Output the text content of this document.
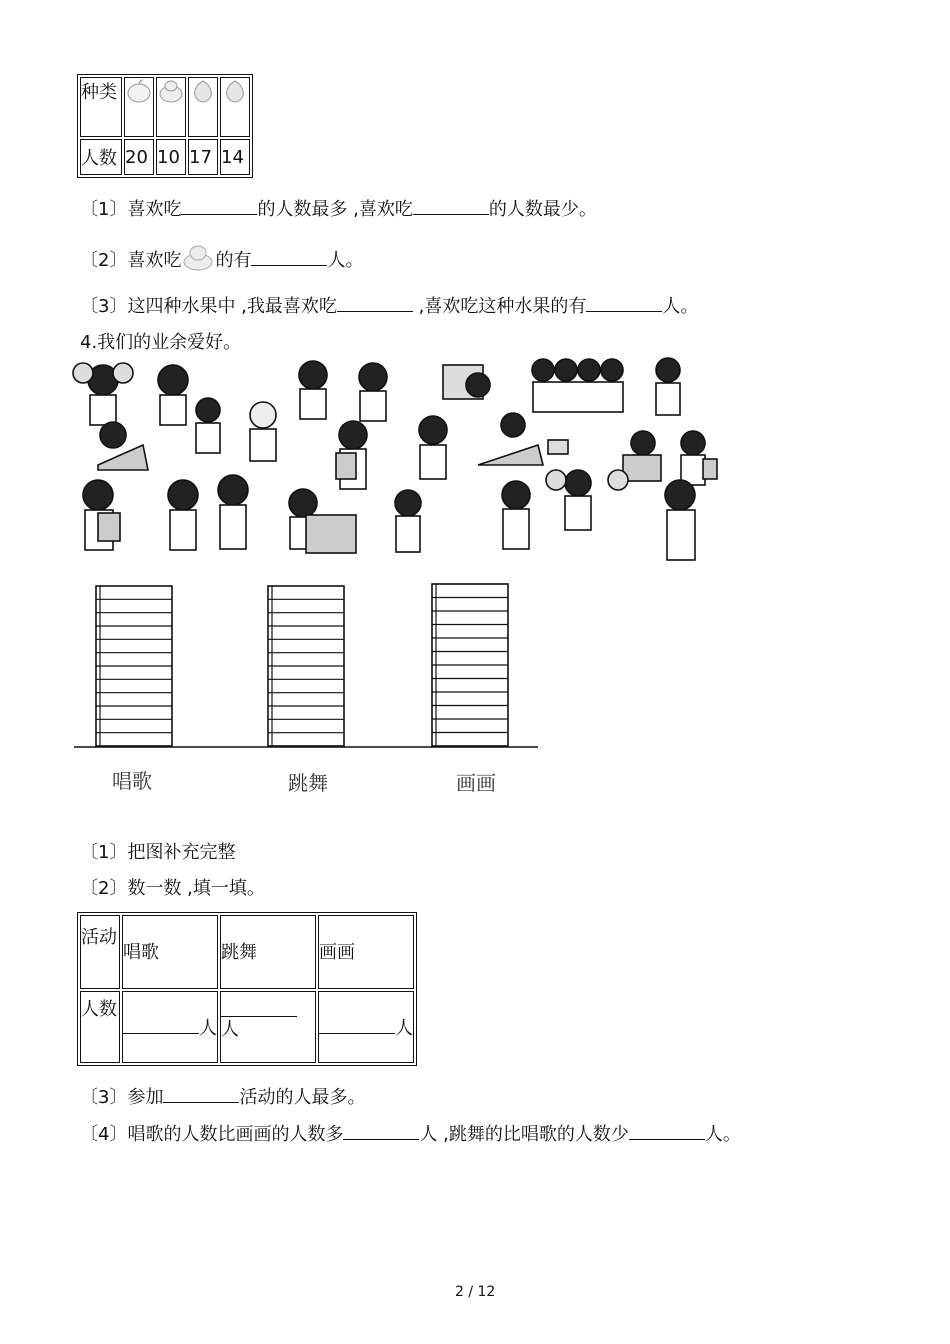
种类				
人数	20	10	17	14
〔1〕喜欢吃	的人数最多 ,喜欢吃	的人数最少。
〔2〕喜欢吃 的有	人。
〔3〕这四种水果中 ,我最喜欢吃	,喜欢吃这种水果的有	人。
4.我们的业余爱好。
唱歌	跳舞	画画
〔1〕把图补充完整
〔2〕数一数 ,填一填。
活动	唱歌	跳舞	画画
人数	人	人	人
〔3〕参加	活动的人最多。
〔4〕唱歌的人数比画画的人数多	人 ,跳舞的比唱歌的人数少	人。
2 / 12
